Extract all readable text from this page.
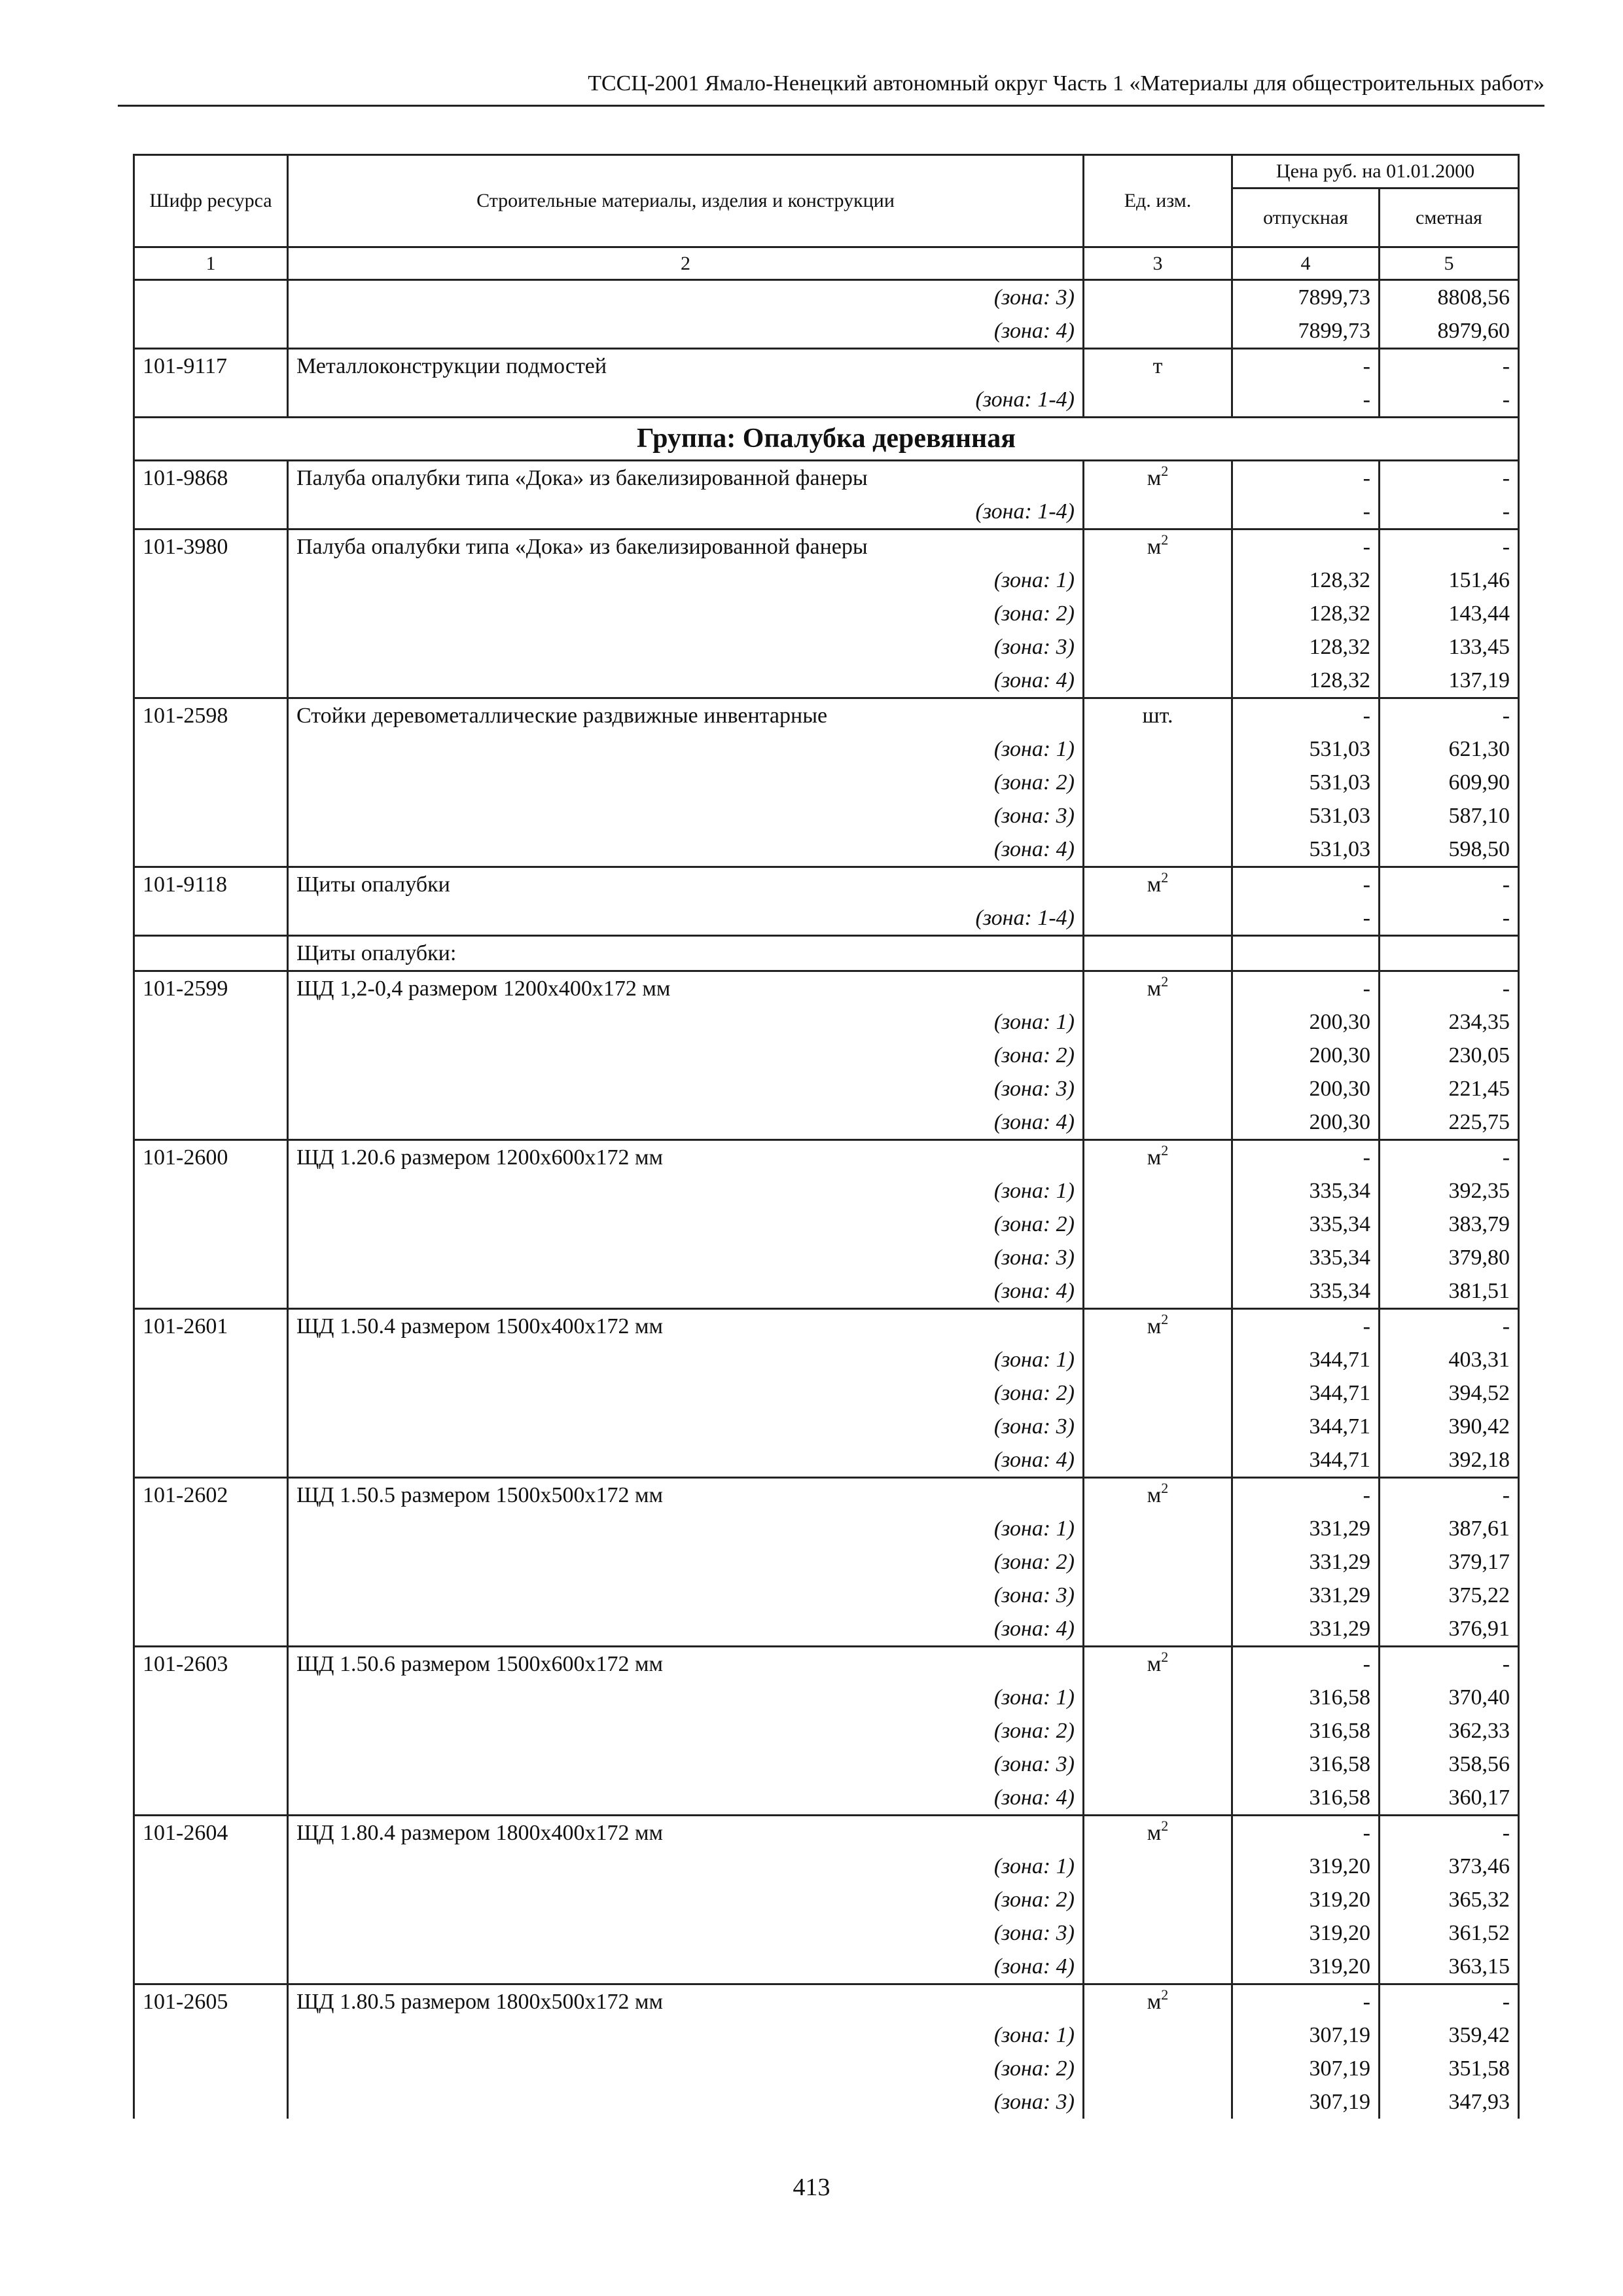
ТССЦ-2001 Ямало-Ненецкий автономный округ Часть 1 «Материалы для общестроительных работ»
Шифр ресурса	Строительные материалы, изделия и конструкции	Ед. изм.	Цена руб. на 01.01.2000	
			отпускная	сметная
1	2	3	4	5
	(зона: 3)		7899,73	8808,56
	(зона: 4)		7899,73	8979,60
101-9117	Металлоконструкции подмостей	т	-	-
	(зона: 1-4)		-	-
Группа: Опалубка деревянная				
101-9868	Палуба опалубки типа «Дока» из бакелизированной фанеры	$м^2$	-	-
	(зона: 1-4)		-	-
101-3980	Палуба опалубки типа «Дока» из бакелизированной фанеры	$м^2$	-	-
	(зона: 1)		128,32	151,46
	(зона: 2)		128,32	143,44
	(зона: 3)		128,32	133,45
	(зона: 4)		128,32	137,19
101-2598	Стойки деревометаллические раздвижные инвентарные	шт.	-	-
	(зона: 1)		531,03	621,30
	(зона: 2)		531,03	609,90
	(зона: 3)		531,03	587,10
	(зона: 4)		531,03	598,50
101-9118	Щиты опалубки	$м^2$	-	-
	(зона: 1-4)		-	-
	Щиты опалубки:			
101-2599	ЩД 1,2-0,4 размером 1200х400х172 мм	$м^2$	-	-
	(зона: 1)		200,30	234,35
	(зона: 2)		200,30	230,05
	(зона: 3)		200,30	221,45
	(зона: 4)		200,30	225,75
101-2600	ЩД 1.20.6 размером 1200х600х172 мм	$м^2$	-	-
	(зона: 1)		335,34	392,35
	(зона: 2)		335,34	383,79
	(зона: 3)		335,34	379,80
	(зона: 4)		335,34	381,51
101-2601	ЩД 1.50.4 размером 1500х400х172 мм	$м^2$	-	-
	(зона: 1)		344,71	403,31
	(зона: 2)		344,71	394,52
	(зона: 3)		344,71	390,42
	(зона: 4)		344,71	392,18
101-2602	ЩД 1.50.5 размером 1500х500х172 мм	$м^2$	-	-
	(зона: 1)		331,29	387,61
	(зона: 2)		331,29	379,17
	(зона: 3)		331,29	375,22
	(зона: 4)		331,29	376,91
101-2603	ЩД 1.50.6 размером 1500х600х172 мм	$м^2$	-	-
	(зона: 1)		316,58	370,40
	(зона: 2)		316,58	362,33
	(зона: 3)		316,58	358,56
	(зона: 4)		316,58	360,17
101-2604	ЩД 1.80.4 размером 1800х400х172 мм	$м^2$	-	-
	(зона: 1)		319,20	373,46
	(зона: 2)		319,20	365,32
	(зона: 3)		319,20	361,52
	(зона: 4)		319,20	363,15
101-2605	ЩД 1.80.5 размером 1800х500х172 мм	$м^2$	-	-
	(зона: 1)		307,19	359,42
	(зона: 2)		307,19	351,58
	(зона: 3)		307,19	347,93
413
